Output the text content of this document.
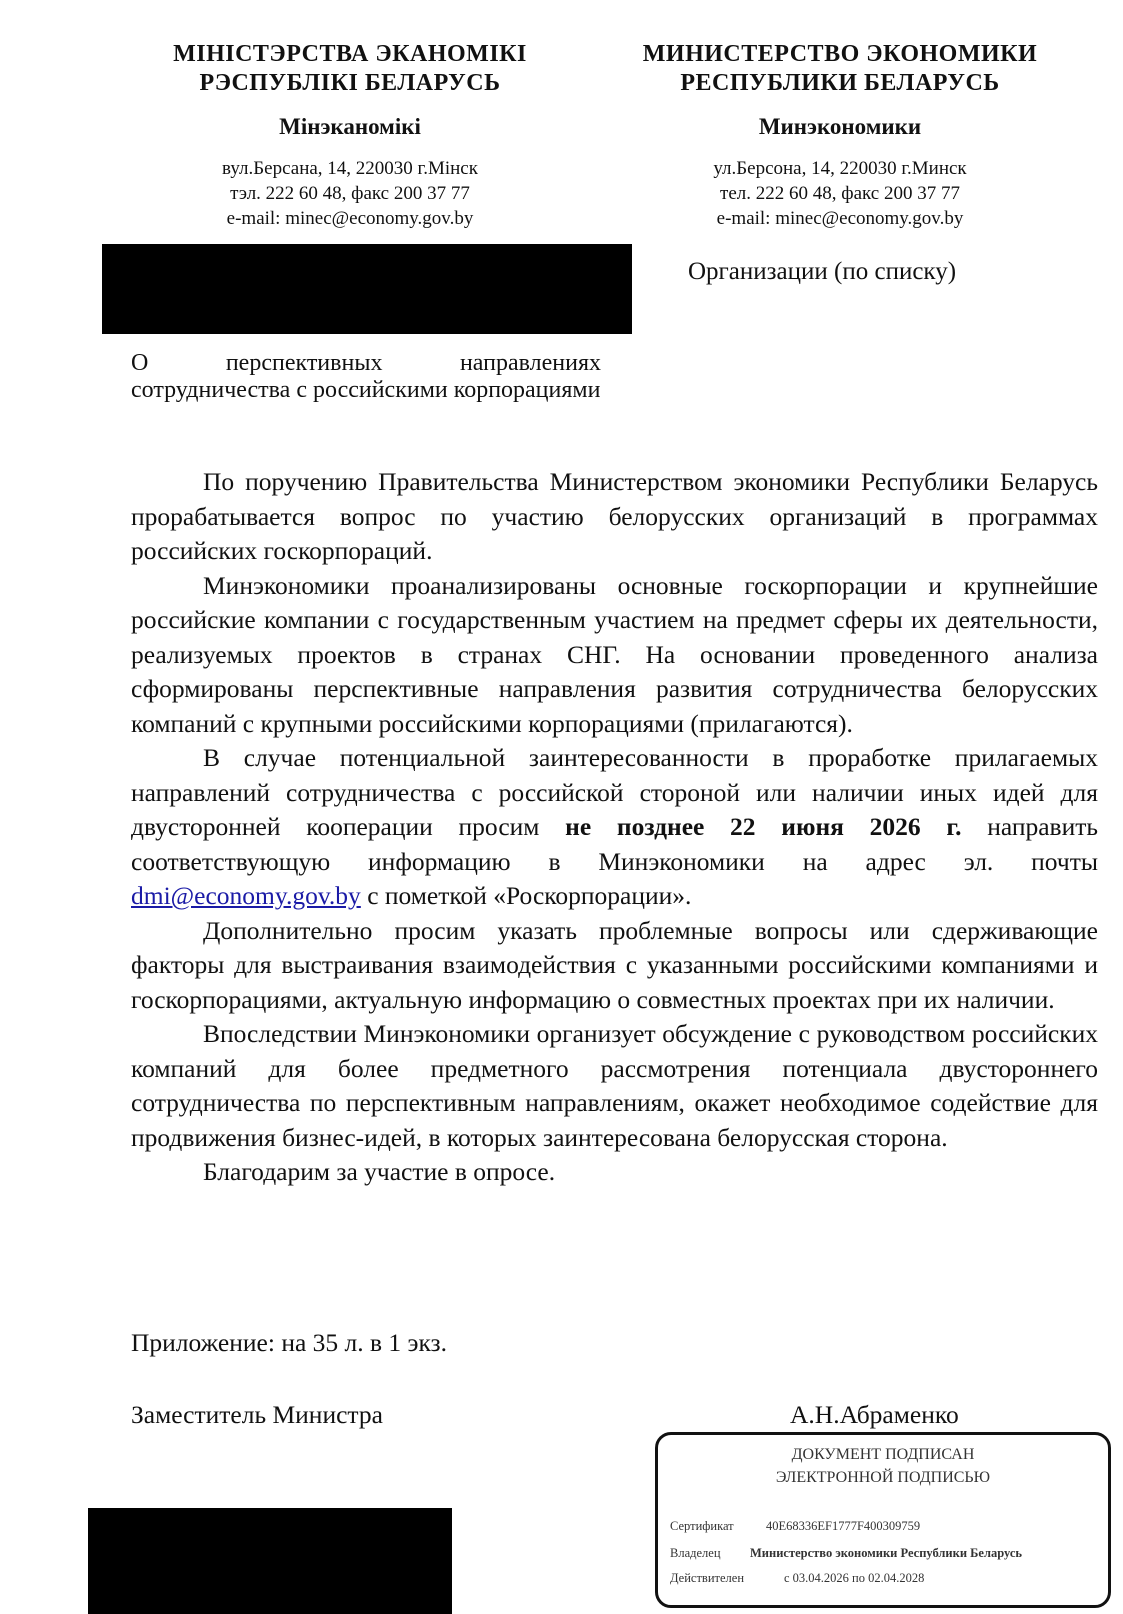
МІНІСТЭРСТВА ЭКАНОМІКІ
РЭСПУБЛІКІ БЕЛАРУСЬ
Мінэканомікі
вул.Берсана, 14, 220030 г.Мінск
тэл. 222 60 48, факс 200 37 77
e-mail: minec@economy.gov.by
МИНИСТЕРСТВО ЭКОНОМИКИ
РЕСПУБЛИКИ БЕЛАРУСЬ
Минэкономики
ул.Берсона, 14, 220030 г.Минск
тел. 222 60 48, факс 200 37 77
e-mail: minec@economy.gov.by
Организации (по списку)
О перспективных направлениях сотрудничества с российскими корпорациями

По поручению Правительства Министерством экономики Республики Беларусь прорабатывается вопрос по участию белорусских организаций в программах российских госкорпораций.

Минэкономики проанализированы основные госкорпорации и крупнейшие российские компании с государственным участием на предмет сферы их деятельности, реализуемых проектов в странах СНГ. На основании проведенного анализа сформированы перспективные направления развития сотрудничества белорусских компаний с крупными российскими корпорациями (прилагаются).

В случае потенциальной заинтересованности в проработке прилагаемых направлений сотрудничества с российской стороной или наличии иных идей для двусторонней кооперации просим не позднее 22 июня 2026 г. направить соответствующую информацию в Минэкономики на адрес эл. почты dmi@economy.gov.by с пометкой «Роскорпорации».

Дополнительно просим указать проблемные вопросы или сдерживающие факторы для выстраивания взаимодействия с указанными российскими компаниями и госкорпорациями, актуальную информацию о совместных проектах при их наличии.

Впоследствии Минэкономики организует обсуждение с руководством российских компаний для более предметного рассмотрения потенциала двустороннего сотрудничества по перспективным направлениям, окажет необходимое содействие для продвижения бизнес-идей, в которых заинтересована белорусская сторона.

Благодарим за участие в опросе.

Приложение: на 35 л. в 1 экз.
Заместитель Министра	А.Н.Абраменко
ДОКУМЕНТ ПОДПИСАН
ЭЛЕКТРОННОЙ ПОДПИСЬЮ
Сертификат	40E68336EF1777F400309759
Владелец Министерство экономики Республики Беларусь
Действителен	с 03.04.2026 по 02.04.2028
